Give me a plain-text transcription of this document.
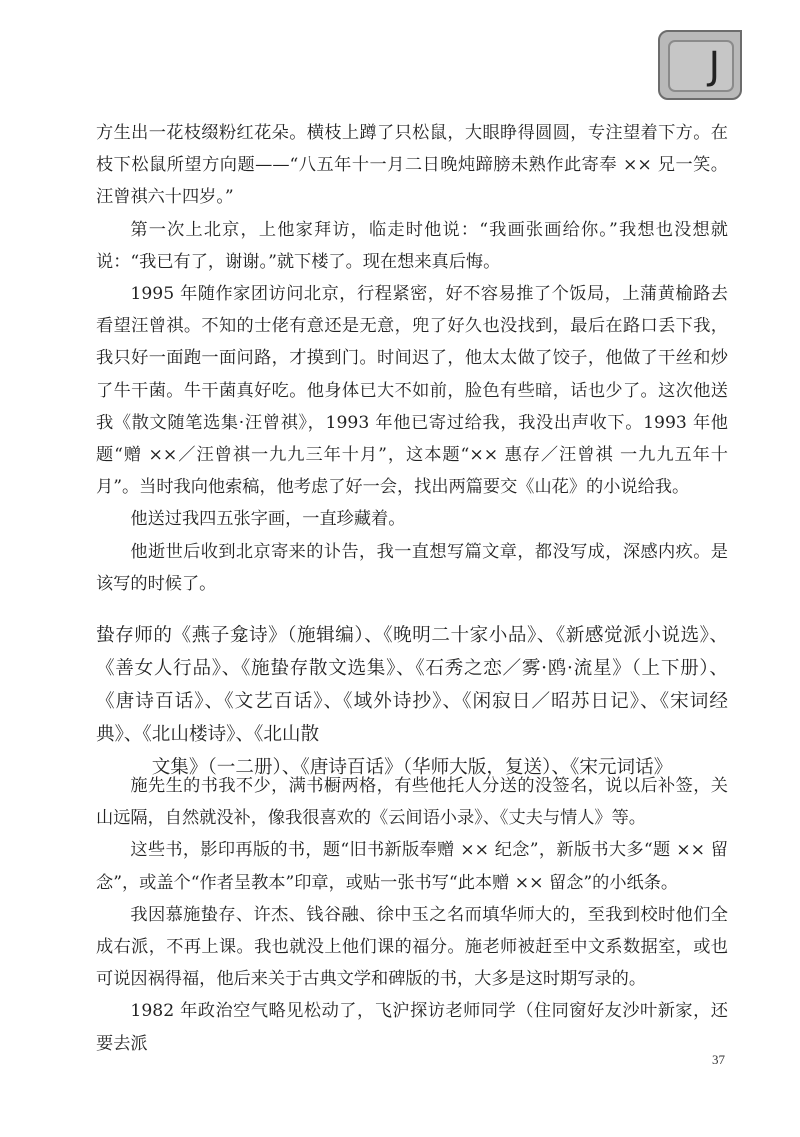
J

方生出一花枝缀粉红花朵。横枝上蹲了只松鼠，大眼睁得圆圆，专注望着下方。在枝下松鼠所望方向题——“八五年十一月二日晚炖蹄膀未熟作此寄奉 ×× 兄一笑。汪曾祺六十四岁。”

第一次上北京，上他家拜访，临走时他说：“我画张画给你。”我想也没想就说：“我已有了，谢谢。”就下楼了。现在想来真后悔。

1995 年随作家团访问北京，行程紧密，好不容易推了个饭局，上蒲黄榆路去看望汪曾祺。不知的士佬有意还是无意，兜了好久也没找到，最后在路口丢下我，我只好一面跑一面问路，才摸到门。时间迟了，他太太做了饺子，他做了干丝和炒了牛干菌。牛干菌真好吃。他身体已大不如前，脸色有些暗，话也少了。这次他送我《散文随笔选集·汪曾祺》，1993 年他已寄过给我，我没出声收下。1993 年他题“赠 ××／汪曾祺一九九三年十月”，这本题“×× 惠存／汪曾祺 一九九五年十月”。当时我向他索稿，他考虑了好一会，找出两篇要交《山花》的小说给我。

他送过我四五张字画，一直珍藏着。

他逝世后收到北京寄来的讣告，我一直想写篇文章，都没写成，深感内疚。是该写的时候了。

蛰存师的《燕子龛诗》（施辑编）、《晚明二十家小品》、《新感觉派小说选》、《善女人行品》、《施蛰存散文选集》、《石秀之恋／雾·鸥·流星》（上下册）、《唐诗百话》、《文艺百话》、《域外诗抄》、《闲寂日／昭苏日记》、《宋词经典》、《北山楼诗》、《北山散

文集》（一二册）、《唐诗百话》（华师大版，复送）、《宋元词话》

施先生的书我不少，满书橱两格，有些他托人分送的没签名，说以后补签，关山远隔，自然就没补，像我很喜欢的《云间语小录》、《丈夫与情人》等。

这些书，影印再版的书，题“旧书新版奉赠 ×× 纪念”，新版书大多“题 ×× 留念”，或盖个“作者呈教本”印章，或贴一张书写“此本赠 ×× 留念”的小纸条。

我因慕施蛰存、许杰、钱谷融、徐中玉之名而填华师大的，至我到校时他们全成右派，不再上课。我也就没上他们课的福分。施老师被赶至中文系数据室，或也可说因祸得福，他后来关于古典文学和碑版的书，大多是这时期写录的。

1982 年政治空气略见松动了，飞沪探访老师同学（住同窗好友沙叶新家，还要去派

37
